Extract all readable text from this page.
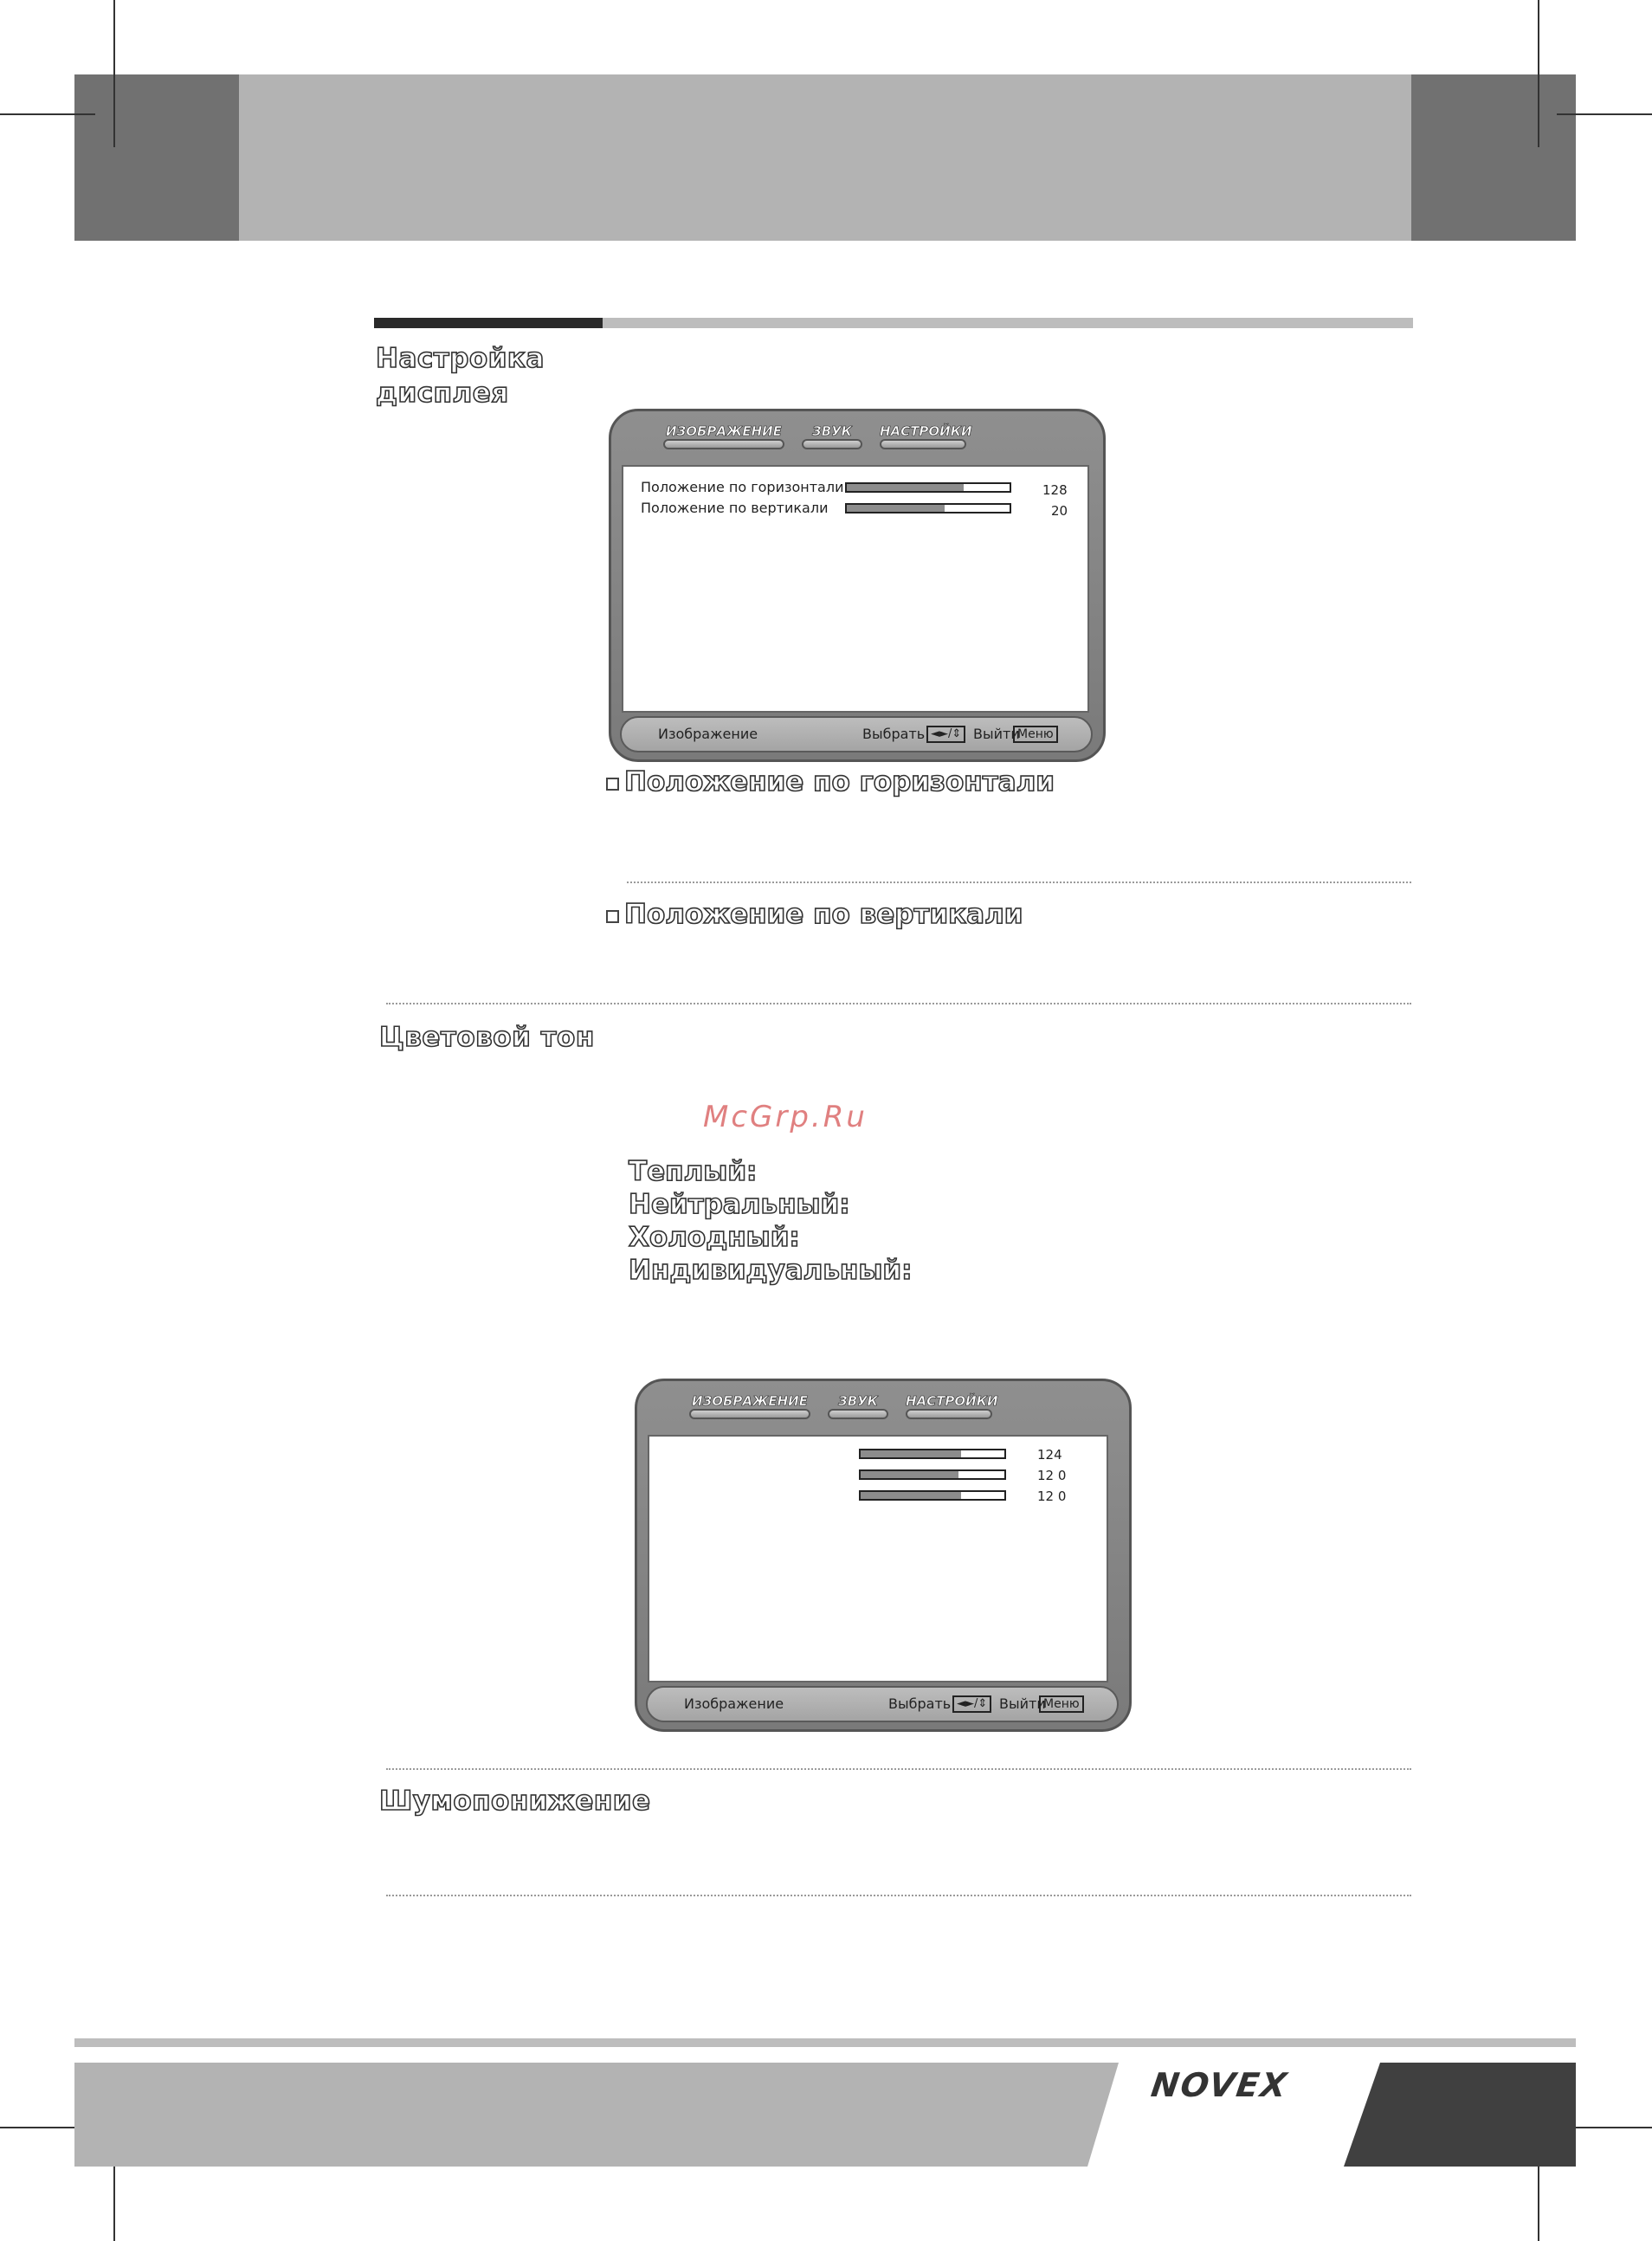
Настройка
дисплея
ИЗОБРАЖЕНИЕ	ЗВУК	НАСТРОЙКИ
Положение по горизонтали	128
Положение по вертикали	20
Изображение	Выбрать ◄►/⇕ Выйти
Меню
Положение по горизонтали
Положение по вертикали
Цветовой тон
McGrp.Ru
Теплый:
Нейтральный:
Холодный:
Индивидуальный:
ИЗОБРАЖЕНИЕ	ЗВУК	НАСТРОЙКИ
124
12 0
12 0
Изображение	Выбрать ◄►/⇕ Выйти
Меню
Шумопонижение
NOVEX
